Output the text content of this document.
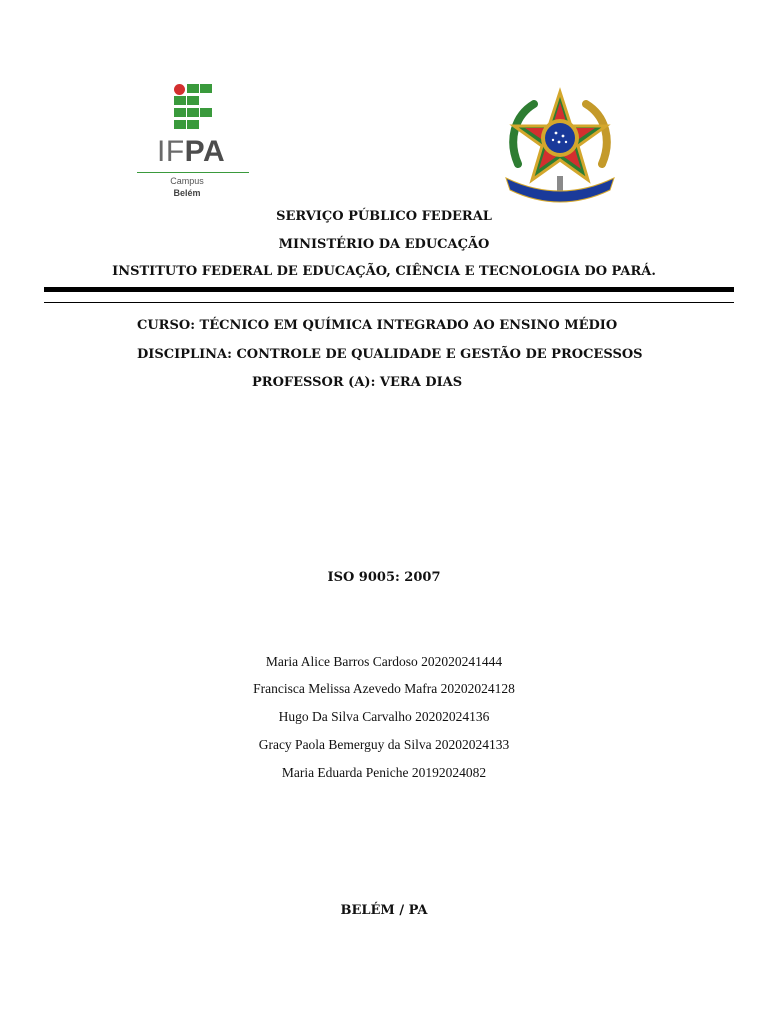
IFPA
Campus
Belém
SERVIÇO PÚBLICO FEDERAL
MINISTÉRIO DA EDUCAÇÃO
INSTITUTO FEDERAL DE EDUCAÇÃO, CIÊNCIA E TECNOLOGIA DO PARÁ.
CURSO: TÉCNICO EM QUÍMICA INTEGRADO AO ENSINO MÉDIO
DISCIPLINA: CONTROLE DE QUALIDADE E GESTÃO DE PROCESSOS
PROFESSOR (A): VERA DIAS
ISO 9005: 2007
Maria Alice Barros Cardoso 202020241444
Francisca Melissa Azevedo Mafra 20202024128
Hugo Da Silva Carvalho 20202024136
Gracy Paola Bemerguy da Silva 20202024133
Maria Eduarda Peniche 20192024082
BELÉM / PA
